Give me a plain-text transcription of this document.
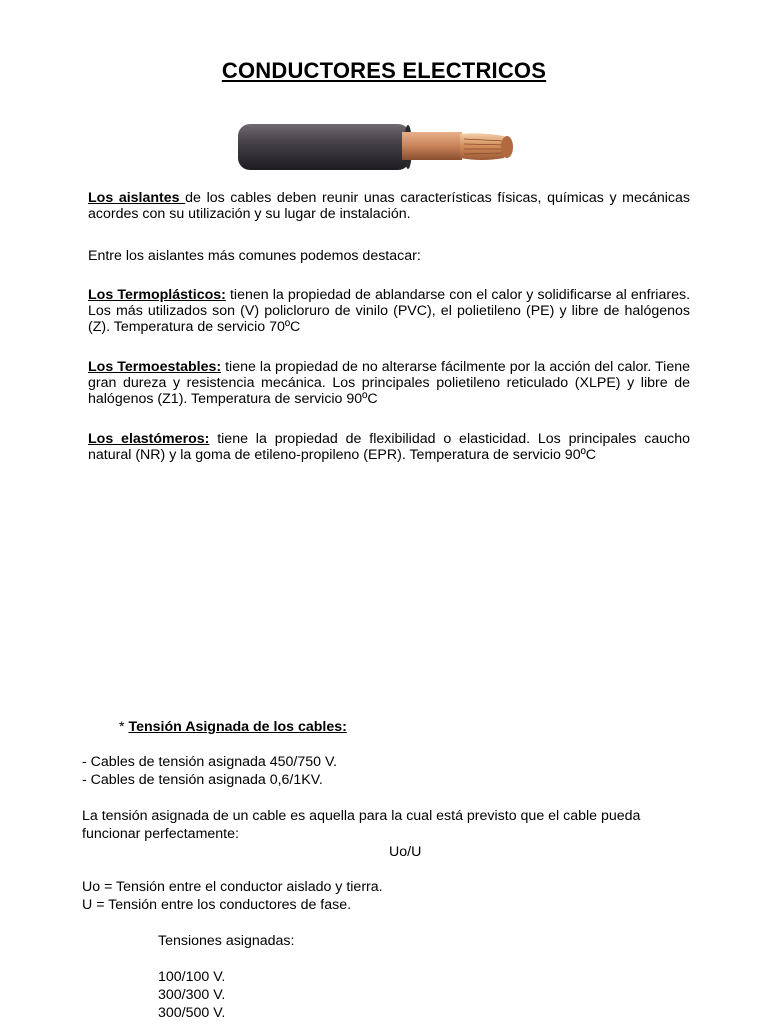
CONDUCTORES ELECTRICOS
Los aislantes de los cables deben reunir unas características físicas, químicas y mecánicas acordes con su utilización y su lugar de instalación.
Entre los aislantes más comunes podemos destacar:
Los Termoplásticos: tienen la propiedad de ablandarse con el calor y solidificarse al enfriares. Los más utilizados son (V) policloruro de vinilo (PVC), el polietileno (PE) y libre de halógenos (Z). Temperatura de servicio 70ºC
Los Termoestables: tiene la propiedad de no alterarse fácilmente por la acción del calor. Tiene gran dureza y resistencia mecánica. Los principales polietileno reticulado (XLPE) y libre de halógenos (Z1). Temperatura de servicio 90ºC
Los elastómeros: tiene la propiedad de flexibilidad o elasticidad. Los principales caucho natural (NR) y la goma de etileno-propileno (EPR). Temperatura de servicio 90ºC
* Tensión Asignada de los cables:
- Cables de tensión asignada 450/750 V.
- Cables de tensión asignada 0,6/1KV.
La tensión asignada de un cable es aquella para la cual está previsto que el cable pueda
funcionar perfectamente:
Uo/U
Uo = Tensión entre el conductor aislado y tierra.
U = Tensión entre los conductores de fase.
Tensiones asignadas:
100/100 V.
300/300 V.
300/500 V.
